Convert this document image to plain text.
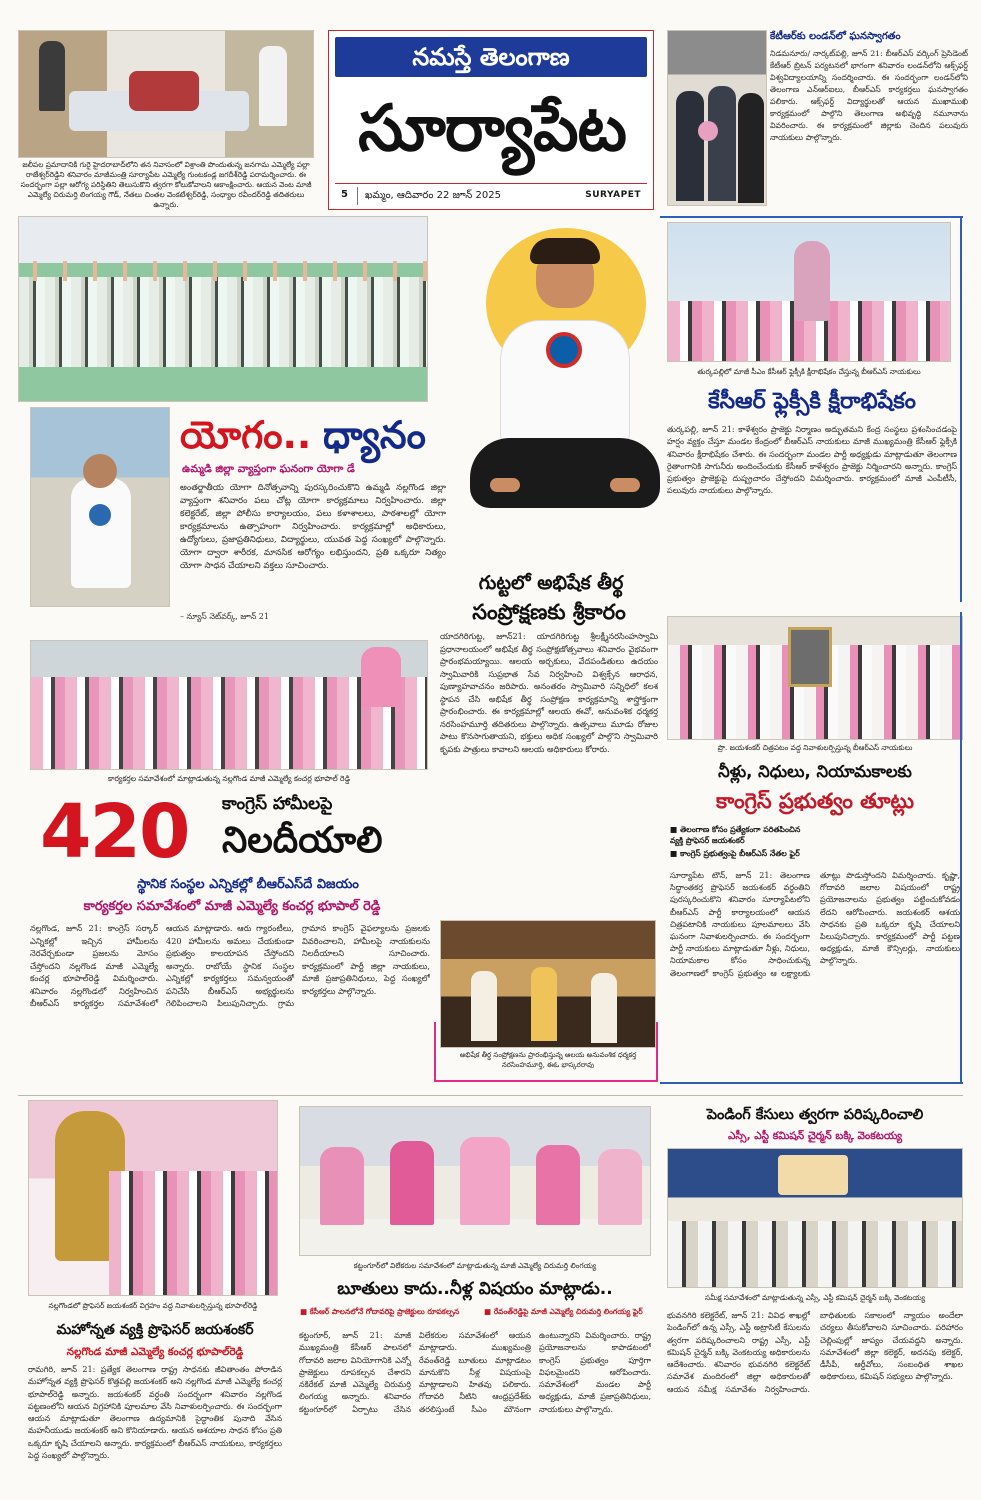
జలీపల ప్రమాదానికి గురై హైదరాబాద్‌లోని తన నివాసంలో విశ్రాంతి పొందుతున్న జనగామ ఎమ్మెల్యే పల్లా రాజేశ్వర్‌రెడ్డిని శనివారం మాజీమంత్రి సూర్యాపేట ఎమ్మెల్యే గుంటకండ్ల జగదీశ్‌రెడ్డి పరామర్శించారు. ఈ సందర్భంగా పల్లా ఆరోగ్య పరిస్థితిని తెలుసుకొని త్వరగా కోలుకోవాలని ఆకాంక్షించారు. ఆయన వెంట మాజీ ఎమ్మెల్యే చిరుమర్తి లింగయ్య గౌడ్, నేతలు చింతల వెంకటేశ్వర్‌రెడ్డి, సంధ్యాల రవీందర్‌రెడ్డి తదితరులు ఉన్నారు.
నమస్తే తెలంగాణ
సూర్యాపేట
5 ఖమ్మం, ఆదివారం 22 జూన్ 2025	SURYAPET
కేటీఆర్‌కు లండన్‌లో ఘనస్వాగతం
నిడమనూరు/ నార్కట్‌పల్లి, జూన్ 21: బీఆర్‌ఎస్ వర్కింగ్ ప్రెసిడెంట్ కేటీఆర్ బ్రిటన్ పర్యటనలో భాగంగా శనివారం లండన్‌లోని ఆక్స్‌ఫర్డ్ విశ్వవిద్యాలయాన్ని సందర్శించారు. ఈ సందర్భంగా లండన్‌లోని తెలంగాణ ఎన్ఆర్ఐలు, బీఆర్ఎస్ కార్యకర్తలు ఘనస్వాగతం పలికారు. ఆక్స్‌ఫర్డ్ విద్యార్థులతో ఆయన ముఖాముఖి కార్యక్రమంలో పాల్గొని తెలంగాణ అభివృద్ధి నమూనాను వివరించారు. ఈ కార్యక్రమంలో జిల్లాకు చెందిన పలువురు నాయకులు పాల్గొన్నారు.
యోగం.. ధ్యానం
ఉమ్మడి జిల్లా వ్యాప్తంగా ఘనంగా యోగా డే
అంతర్జాతీయ యోగా దినోత్సవాన్ని పురస్కరించుకొని ఉమ్మడి నల్లగొండ జిల్లా వ్యాప్తంగా శనివారం పలు చోట్ల యోగా కార్యక్రమాలు నిర్వహించారు. జిల్లా కలెక్టరేట్, జిల్లా పోలీసు కార్యాలయం, పలు కళాశాలలు, పాఠశాలల్లో యోగా కార్యక్రమాలను ఉత్సాహంగా నిర్వహించారు. కార్యక్రమాల్లో అధికారులు, ఉద్యోగులు, ప్రజాప్రతినిధులు, విద్యార్థులు, యువత పెద్ద సంఖ్యలో పాల్గొన్నారు. యోగా ద్వారా శారీరక, మానసిక ఆరోగ్యం లభిస్తుందని, ప్రతి ఒక్కరూ నిత్యం యోగా సాధన చేయాలని వక్తలు సూచించారు.
– న్యూస్ నెట్‌వర్క్, జూన్ 21
తుర్కపల్లిలో మాజీ సీఎం కేసీఆర్ ఫ్లెక్సీకి క్షీరాభిషేకం చేస్తున్న బీఆర్‌ఎస్ నాయకులు
కేసీఆర్ ఫ్లెక్సీకి క్షీరాభిషేకం
తుర్కపల్లి, జూన్ 21: కాళేశ్వరం ప్రాజెక్టు నిర్మాణం అద్భుతమని కేంద్ర సంస్థలు ప్రశంసించడంపై హర్షం వ్యక్తం చేస్తూ మండల కేంద్రంలో బీఆర్‌ఎస్ నాయకులు మాజీ ముఖ్యమంత్రి కేసీఆర్ ఫ్లెక్సీకి శనివారం క్షీరాభిషేకం చేశారు. ఈ సందర్భంగా మండల పార్టీ అధ్యక్షుడు మాట్లాడుతూ తెలంగాణ రైతాంగానికి సాగునీరు అందించేందుకు కేసీఆర్ కాళేశ్వరం ప్రాజెక్టు నిర్మించారని అన్నారు. కాంగ్రెస్ ప్రభుత్వం ప్రాజెక్టుపై దుష్ప్రచారం చేస్తోందని విమర్శించారు. కార్యక్రమంలో మాజీ ఎంపీటీసీ, పలువురు నాయకులు పాల్గొన్నారు.
గుట్టలో అభిషేక తీర్థ
సంప్రోక్షణకు శ్రీకారం
యాదగిరిగుట్ట, జూన్21: యాదగిరిగుట్ట శ్రీలక్ష్మీనరసింహస్వామి ప్రధానాలయంలో అభిషేక తీర్థ సంప్రోక్షణోత్సవాలు శనివారం వైభవంగా ప్రారంభమయ్యాయి. ఆలయ అర్చకులు, వేదపండితులు ఉదయం స్వామివారికి సుప్రభాత సేవ నిర్వహించి విశ్వక్సేన ఆరాధన, పుణ్యాహవాచనం జరిపారు. అనంతరం స్వామివారి సన్నిధిలో కలశ స్థాపన చేసి అభిషేక తీర్థ సంప్రోక్షణ కార్యక్రమాన్ని శాస్త్రోక్తంగా ప్రారంభించారు. ఈ కార్యక్రమాల్లో ఆలయ ఈవో, అనువంశిక ధర్మకర్త నరసింహమూర్తి తదితరులు పాల్గొన్నారు. ఉత్సవాలు మూడు రోజుల పాటు కొనసాగుతాయని, భక్తులు అధిక సంఖ్యలో పాల్గొని స్వామివారి కృపకు పాత్రులు కావాలని ఆలయ అధికారులు కోరారు.
అభిషేక తీర్థ సంప్రోక్షణను ప్రారంభిస్తున్న ఆలయ అనువంశిక ధర్మకర్త నరసింహమూర్తి, ఈఓ భాస్కరరావు
కార్యకర్తల సమావేశంలో మాట్లాడుతున్న నల్లగొండ మాజీ ఎమ్మెల్యే కంచర్ల భూపాల్ రెడ్డి
420 కాంగ్రెస్ హామీలపై
నిలదీయాలి
స్థానిక సంస్థల ఎన్నికల్లో బీఆర్ఎస్‌దే విజయం
కార్యకర్తల సమావేశంలో మాజీ ఎమ్మెల్యే కంచర్ల భూపాల్ రెడ్డి
నల్లగొండ, జూన్ 21: కాంగ్రెస్ సర్కార్ ఎన్నికల్లో ఇచ్చిన హామీలను నెరవేర్చకుండా ప్రజలను మోసం చేస్తోందని నల్లగొండ మాజీ ఎమ్మెల్యే కంచర్ల భూపాల్‌రెడ్డి విమర్శించారు. శనివారం నల్లగొండలో నిర్వహించిన బీఆర్‌ఎస్ కార్యకర్తల సమావేశంలో ఆయన మాట్లాడారు. ఆరు గ్యారంటీలు, 420 హామీలను అమలు చేయకుండా ప్రభుత్వం కాలయాపన చేస్తోందని అన్నారు. రాబోయే స్థానిక సంస్థల ఎన్నికల్లో కార్యకర్తలు సమన్వయంతో పనిచేసి బీఆర్‌ఎస్ అభ్యర్థులను గెలిపించాలని పిలుపునిచ్చారు. గ్రామ గ్రామాన కాంగ్రెస్ వైఫల్యాలను ప్రజలకు వివరించాలని, హామీలపై నాయకులను నిలదీయాలని సూచించారు. కార్యక్రమంలో పార్టీ జిల్లా నాయకులు, మాజీ ప్రజాప్రతినిధులు, పెద్ద సంఖ్యలో కార్యకర్తలు పాల్గొన్నారు.
ప్రొ. జయశంకర్ చిత్రపటం వద్ద నివాళులర్పిస్తున్న బీఆర్‌ఎస్ నాయకులు
నీళ్లు, నిధులు, నియామకాలకు
కాంగ్రెస్ ప్రభుత్వం తూట్లు
■ తెలంగాణ కోసం ప్రత్యేకంగా పరితపించిన వ్యక్తి ప్రొఫెసర్ జయశంకర్
■ కాంగ్రెస్ ప్రభుత్వంపై బీఆర్ఎస్ నేతల ఫైర్
సూర్యాపేట టౌన్, జూన్ 21: తెలంగాణ సిద్ధాంతకర్త ప్రొఫెసర్ జయశంకర్ వర్ధంతిని పురస్కరించుకొని శనివారం సూర్యాపేటలోని బీఆర్‌ఎస్ పార్టీ కార్యాలయంలో ఆయన చిత్రపటానికి నాయకులు పూలమాలలు వేసి ఘనంగా నివాళులర్పించారు. ఈ సందర్భంగా పార్టీ నాయకులు మాట్లాడుతూ నీళ్లు, నిధులు, నియామకాల కోసం సాధించుకున్న తెలంగాణలో కాంగ్రెస్ ప్రభుత్వం ఆ లక్ష్యాలకు తూట్లు పొడుస్తోందని విమర్శించారు. కృష్ణా, గోదావరి జలాల విషయంలో రాష్ట్ర ప్రయోజనాలను ప్రభుత్వం పట్టించుకోవడం లేదని ఆరోపించారు. జయశంకర్ ఆశయ సాధనకు ప్రతి ఒక్కరూ కృషి చేయాలని పిలుపునిచ్చారు. కార్యక్రమంలో పార్టీ పట్టణ అధ్యక్షుడు, మాజీ కౌన్సిలర్లు, నాయకులు పాల్గొన్నారు.
నల్లగొండలో ప్రొఫెసర్ జయశంకర్ విగ్రహం వద్ద నివాళులర్పిస్తున్న భూపాల్‌రెడ్డి
మహోన్నత వ్యక్తి ప్రొఫెసర్ జయశంకర్
నల్లగొండ మాజీ ఎమ్మెల్యే కంచర్ల భూపాల్‌రెడ్డి
రామగిరి, జూన్ 21: ప్రత్యేక తెలంగాణ రాష్ట్ర సాధనకు జీవితాంతం పోరాడిన మహోన్నత వ్యక్తి ప్రొఫెసర్ కొత్తపల్లి జయశంకర్ అని నల్లగొండ మాజీ ఎమ్మెల్యే కంచర్ల భూపాల్‌రెడ్డి అన్నారు. జయశంకర్ వర్ధంతి సందర్భంగా శనివారం నల్లగొండ పట్టణంలోని ఆయన విగ్రహానికి పూలమాల వేసి నివాళులర్పించారు. ఈ సందర్భంగా ఆయన మాట్లాడుతూ తెలంగాణ ఉద్యమానికి సైద్ధాంతిక పునాది వేసిన మహనీయుడు జయశంకర్ అని కొనియాడారు. ఆయన ఆశయాల సాధన కోసం ప్రతి ఒక్కరూ కృషి చేయాలని అన్నారు. కార్యక్రమంలో బీఆర్‌ఎస్ నాయకులు, కార్యకర్తలు పెద్ద సంఖ్యలో పాల్గొన్నారు.
కట్టంగూర్‌లో విలేకరుల సమావేశంలో మాట్లాడుతున్న మాజీ ఎమ్మెల్యే చిరుమర్తి లింగయ్య
బూతులు కాదు..నీళ్ల విషయం మాట్లాడు..
■ కేసీఆర్ పాలనలోనే గోదావరిపై ప్రాజెక్టులు రూపకల్పన	■ రేవంత్‌రెడ్డిపై మాజీ ఎమ్మెల్యే చిరుమర్తి లింగయ్య ఫైర్
కట్టంగూర్, జూన్ 21: మాజీ ముఖ్యమంత్రి కేసీఆర్ పాలనలో గోదావరి జలాల వినియోగానికి ఎన్నో ప్రాజెక్టులు రూపకల్పన చేశారని నకిరేకల్ మాజీ ఎమ్మెల్యే చిరుమర్తి లింగయ్య అన్నారు. శనివారం కట్టంగూర్‌లో ఏర్పాటు చేసిన విలేకరుల సమావేశంలో ఆయన మాట్లాడారు. ముఖ్యమంత్రి రేవంత్‌రెడ్డి బూతులు మాట్లాడటం మానుకొని నీళ్ల విషయంపై మాట్లాడాలని హితవు పలికారు. గోదావరి నీటిని ఆంధ్రప్రదేశ్‌కు తరలిస్తుంటే సీఎం మౌనంగా ఉంటున్నారని విమర్శించారు. రాష్ట్ర ప్రయోజనాలను కాపాడటంలో కాంగ్రెస్ ప్రభుత్వం పూర్తిగా విఫలమైందని ఆరోపించారు. సమావేశంలో మండల పార్టీ అధ్యక్షుడు, మాజీ ప్రజాప్రతినిధులు, నాయకులు పాల్గొన్నారు.
పెండింగ్ కేసులు త్వరగా పరిష్కరించాలి
ఎస్సీ, ఎస్టీ కమిషన్ చైర్మన్ బక్కి వెంకటయ్య
సమీక్ష సమావేశంలో మాట్లాడుతున్న ఎస్సీ, ఎస్టీ కమిషన్ చైర్మన్ బక్కి వెంకటయ్య
భువనగిరి కలెక్టరేట్, జూన్ 21: వివిధ శాఖల్లో పెండింగ్‌లో ఉన్న ఎస్సీ, ఎస్టీ అట్రాసిటీ కేసులను త్వరగా పరిష్కరించాలని రాష్ట్ర ఎస్సీ, ఎస్టీ కమిషన్ చైర్మన్ బక్కి వెంకటయ్య అధికారులను ఆదేశించారు. శనివారం భువనగిరి కలెక్టరేట్ సమావేశ మందిరంలో జిల్లా అధికారులతో ఆయన సమీక్ష సమావేశం నిర్వహించారు. బాధితులకు సకాలంలో న్యాయం అందేలా చర్యలు తీసుకోవాలని సూచించారు. పరిహారం చెల్లింపుల్లో జాప్యం చేయవద్దని అన్నారు. సమావేశంలో జిల్లా కలెక్టర్, అదనపు కలెక్టర్, డీసీపీ, ఆర్డీవోలు, సంబంధిత శాఖల అధికారులు, కమిషన్ సభ్యులు పాల్గొన్నారు.
